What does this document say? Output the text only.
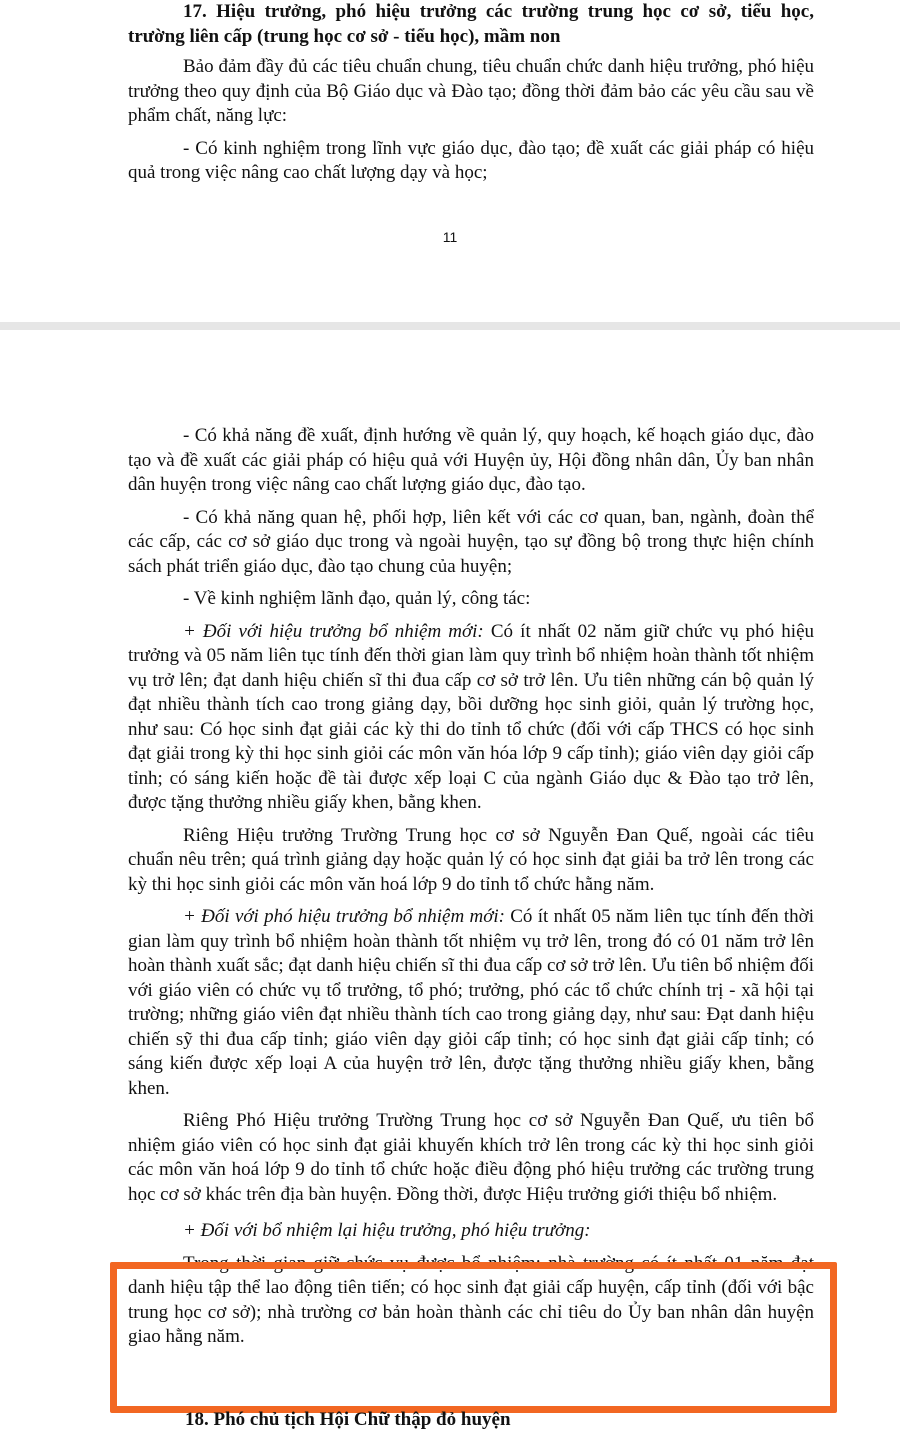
17. Hiệu trưởng, phó hiệu trưởng các trường trung học cơ sở, tiểu học, trường liên cấp (trung học cơ sở - tiểu học), mầm non

Bảo đảm đầy đủ các tiêu chuẩn chung, tiêu chuẩn chức danh hiệu trưởng, phó hiệu trưởng theo quy định của Bộ Giáo dục và Đào tạo; đồng thời đảm bảo các yêu cầu sau về phẩm chất, năng lực:

- Có kinh nghiệm trong lĩnh vực giáo dục, đào tạo; đề xuất các giải pháp có hiệu quả trong việc nâng cao chất lượng dạy và học;

11

- Có khả năng đề xuất, định hướng về quản lý, quy hoạch, kế hoạch giáo dục, đào tạo và đề xuất các giải pháp có hiệu quả với Huyện ủy, Hội đồng nhân dân, Ủy ban nhân dân huyện trong việc nâng cao chất lượng giáo dục, đào tạo.

- Có khả năng quan hệ, phối hợp, liên kết với các cơ quan, ban, ngành, đoàn thể các cấp, các cơ sở giáo dục trong và ngoài huyện, tạo sự đồng bộ trong thực hiện chính sách phát triển giáo dục, đào tạo chung của huyện;

- Về kinh nghiệm lãnh đạo, quản lý, công tác:

+ Đối với hiệu trưởng bổ nhiệm mới: Có ít nhất 02 năm giữ chức vụ phó hiệu trưởng và 05 năm liên tục tính đến thời gian làm quy trình bổ nhiệm hoàn thành tốt nhiệm vụ trở lên; đạt danh hiệu chiến sĩ thi đua cấp cơ sở trở lên. Ưu tiên những cán bộ quản lý đạt nhiều thành tích cao trong giảng dạy, bồi dưỡng học sinh giỏi, quản lý trường học, như sau: Có học sinh đạt giải các kỳ thi do tỉnh tổ chức (đối với cấp THCS có học sinh đạt giải trong kỳ thi học sinh giỏi các môn văn hóa lớp 9 cấp tỉnh); giáo viên dạy giỏi cấp tỉnh; có sáng kiến hoặc đề tài được xếp loại C của ngành Giáo dục & Đào tạo trở lên, được tặng thưởng nhiều giấy khen, bằng khen.

Riêng Hiệu trưởng Trường Trung học cơ sở Nguyễn Đan Quế, ngoài các tiêu chuẩn nêu trên; quá trình giảng dạy hoặc quản lý có học sinh đạt giải ba trở lên trong các kỳ thi học sinh giỏi các môn văn hoá lớp 9 do tỉnh tổ chức hằng năm.

+ Đối với phó hiệu trưởng bổ nhiệm mới: Có ít nhất 05 năm liên tục tính đến thời gian làm quy trình bổ nhiệm hoàn thành tốt nhiệm vụ trở lên, trong đó có 01 năm trở lên hoàn thành xuất sắc; đạt danh hiệu chiến sĩ thi đua cấp cơ sở trở lên. Ưu tiên bổ nhiệm đối với giáo viên có chức vụ tổ trưởng, tổ phó; trưởng, phó các tổ chức chính trị - xã hội tại trường; những giáo viên đạt nhiều thành tích cao trong giảng dạy, như sau: Đạt danh hiệu chiến sỹ thi đua cấp tỉnh; giáo viên dạy giỏi cấp tỉnh; có học sinh đạt giải cấp tỉnh; có sáng kiến được xếp loại A của huyện trở lên, được tặng thưởng nhiều giấy khen, bằng khen.

Riêng Phó Hiệu trưởng Trường Trung học cơ sở Nguyễn Đan Quế, ưu tiên bổ nhiệm giáo viên có học sinh đạt giải khuyến khích trở lên trong các kỳ thi học sinh giỏi các môn văn hoá lớp 9 do tỉnh tổ chức hoặc điều động phó hiệu trưởng các trường trung học cơ sở khác trên địa bàn huyện. Đồng thời, được Hiệu trưởng giới thiệu bổ nhiệm.

+ Đối với bổ nhiệm lại hiệu trưởng, phó hiệu trưởng:

Trong thời gian giữ chức vụ được bổ nhiệm: nhà trường có ít nhất 01 năm đạt danh hiệu tập thể lao động tiên tiến; có học sinh đạt giải cấp huyện, cấp tỉnh (đối với bậc trung học cơ sở); nhà trường cơ bản hoàn thành các chỉ tiêu do Ủy ban nhân dân huyện giao hằng năm.

18. Phó chủ tịch Hội Chữ thập đỏ huyện
